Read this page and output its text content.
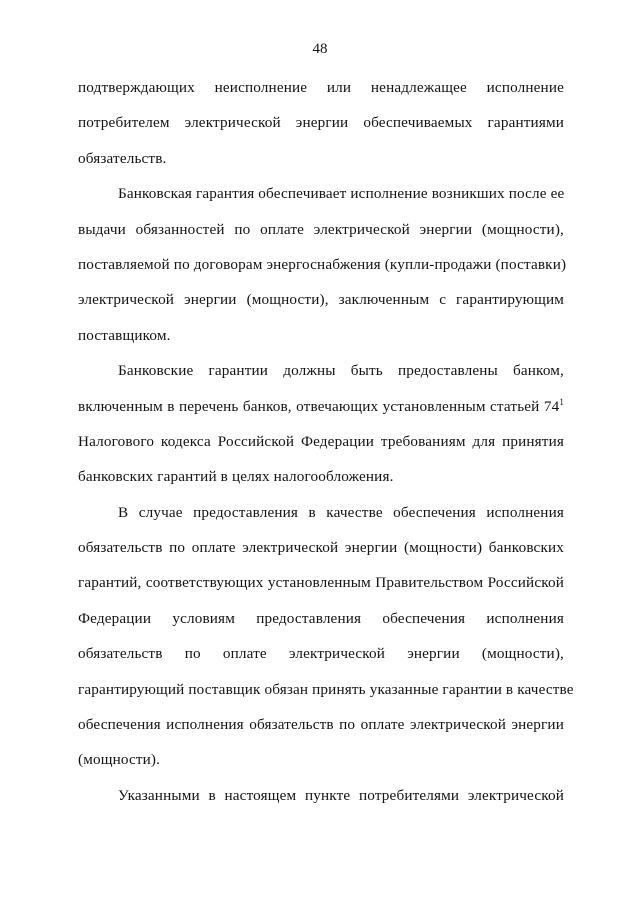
48
подтверждающих неисполнение или ненадлежащее исполнение
потребителем электрической энергии обеспечиваемых гарантиями
обязательств.
Банковская гарантия обеспечивает исполнение возникших после ее
выдачи обязанностей по оплате электрической энергии (мощности),
поставляемой по договорам энергоснабжения (купли-продажи (поставки)
электрической энергии (мощности), заключенным с гарантирующим
поставщиком.
Банковские гарантии должны быть предоставлены банком,
включенным в перечень банков, отвечающих установленным статьей $74^1$
Налогового кодекса Российской Федерации требованиям для принятия
банковских гарантий в целях налогообложения.
В случае предоставления в качестве обеспечения исполнения
обязательств по оплате электрической энергии (мощности) банковских
гарантий, соответствующих установленным Правительством Российской
Федерации условиям предоставления обеспечения исполнения
обязательств по оплате электрической энергии (мощности),
гарантирующий поставщик обязан принять указанные гарантии в качестве
обеспечения исполнения обязательств по оплате электрической энергии
(мощности).
Указанными в настоящем пункте потребителями электрической
